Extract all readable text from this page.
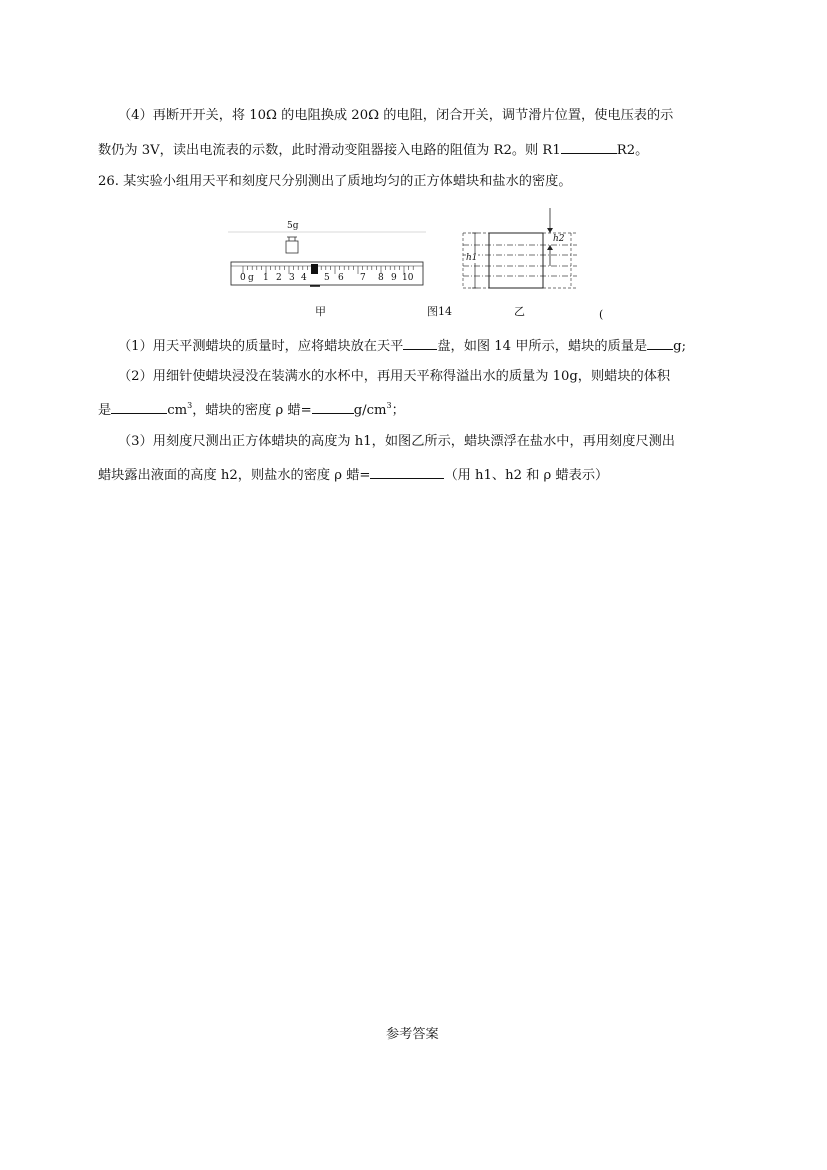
（4）再断开开关，将 10Ω 的电阻换成 20Ω 的电阻，闭合开关，调节滑片位置，使电压表的示
数仍为 3V，读出电流表的示数，此时滑动变阻器接入电路的阻值为 R2。则 R1	R2。
26. 某实验小组用天平和刻度尺分别测出了质地均匀的正方体蜡块和盐水的密度。
5g
0 g 1 2 3 4 5 6 7 8 9 10
h1
h2
甲	图14	乙	(
（1）用天平测蜡块的质量时，应将蜡块放在天平	盘，如图 14 甲所示，蜡块的质量是 g;
（2）用细针使蜡块浸没在装满水的水杯中，再用天平称得溢出水的质量为 10g，则蜡块的体积
是	$cm^3$，蜡块的密度 ρ 蜡=	$g/cm^3$；
（3）用刻度尺测出正方体蜡块的高度为 h1，如图乙所示，蜡块漂浮在盐水中，再用刻度尺测出
蜡块露出液面的高度 h2，则盐水的密度 ρ 蜡=	（用 h1、h2 和 ρ 蜡表示）
参考答案
